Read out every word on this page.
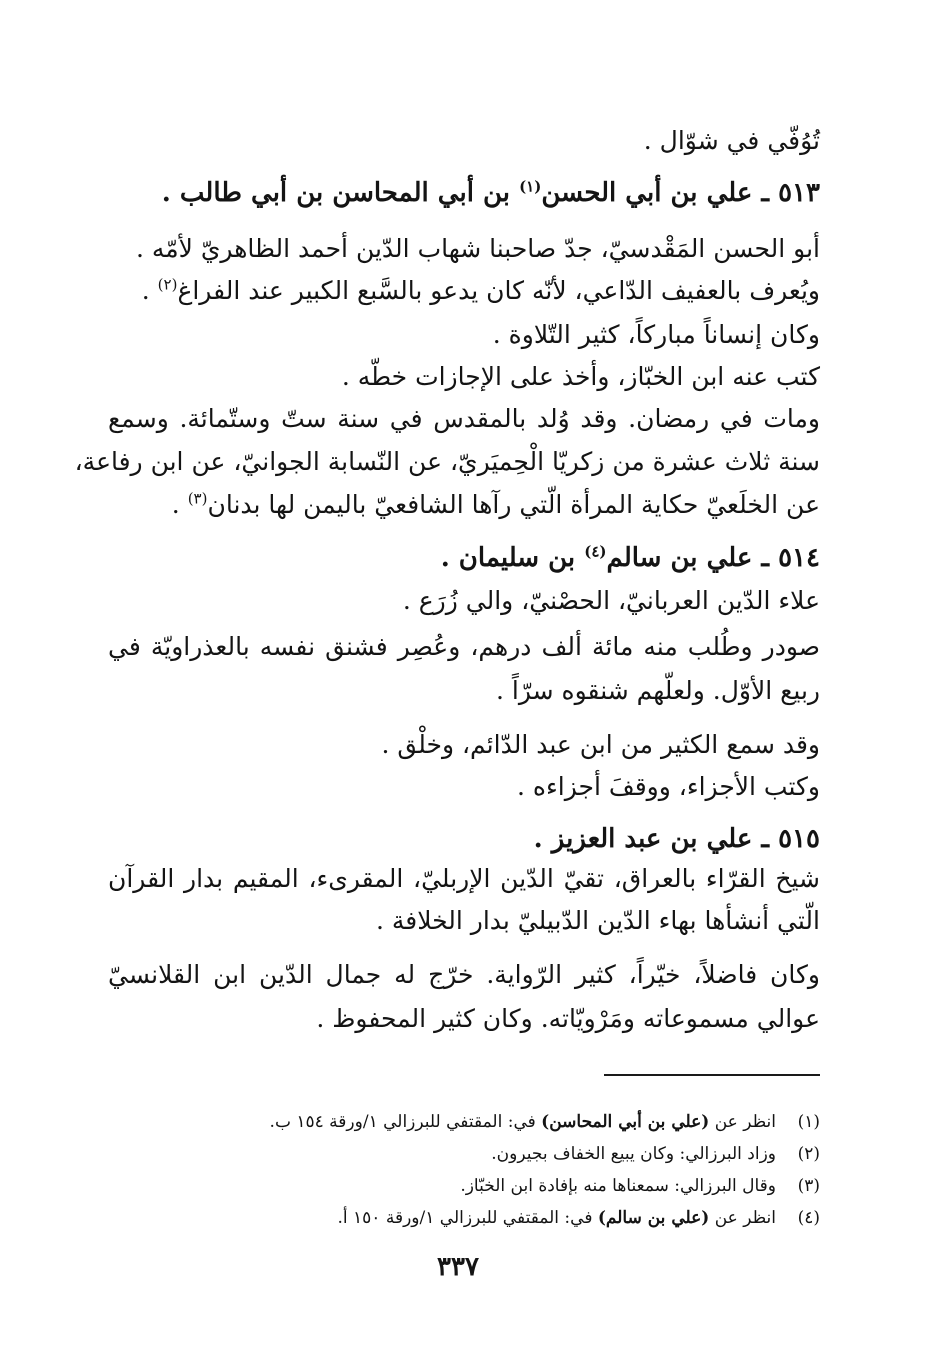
تُوُفّي في شوّال .
٥١٣ ـ علي بن أبي الحسن$^{(١)}$ بن أبي المحاسن بن أبي طالب .
أبو الحسن المَقْدسيّ، جدّ صاحبنا شهاب الدّين أحمد الظاهريّ لأمّه .
ويُعرف بالعفيف الدّاعي، لأنّه كان يدعو بالسَّبع الكبير عند الفراغ$^{(٢)}$ .
وكان إنساناً مباركاً، كثير التّلاوة .
كتب عنه ابن الخبّاز، وأخذ على الإجازات خطّه .
ومات في رمضان. وقد وُلد بالمقدس في سنة ستّ وستّمائة. وسمع
سنة ثلاث عشرة من زكريّا الْحِميَريّ، عن النّسابة الجوانيّ، عن ابن رفاعة،
عن الخلَعيّ حكاية المرأة الّتي رآها الشافعيّ باليمن لها بدنان$^{(٣)}$ .
٥١٤ ـ علي بن سالم$^{(٤)}$ بن سليمان .
علاء الدّين العربانيّ، الحصْنيّ، والي زُرَع .
صودر وطُلب منه مائة ألف درهم، وعُصِر فشنق نفسه بالعذراويّة في
ربيع الأوّل. ولعلّهم شنقوه سرّاً .
وقد سمع الكثير من ابن عبد الدّائم، وخلْق .
وكتب الأجزاء، ووقفَ أجزاءه .
٥١٥ ـ علي بن عبد العزيز .
شيخ القرّاء بالعراق، تقيّ الدّين الإربليّ، المقرىء، المقيم بدار القرآن
الّتي أنشأها بهاء الدّين الدّبيليّ بدار الخلافة .
وكان فاضلاً، خيّراً، كثير الرّواية. خرّج له جمال الدّين ابن القلانسيّ
عوالي مسموعاته ومَرْويّاته. وكان كثير المحفوظ .
(١)انظر عن (علي بن أبي المحاسن) في: المقتفي للبرزالي ١/ورقة ١٥٤ ب.
(٢)وزاد البرزالي: وكان يبيع الخفاف بجيرون.
(٣)وقال البرزالي: سمعناها منه بإفادة ابن الخبّاز.
(٤)انظر عن (علي بن سالم) في: المقتفي للبرزالي ١/ورقة ١٥٠ أ.
٣٣٧
